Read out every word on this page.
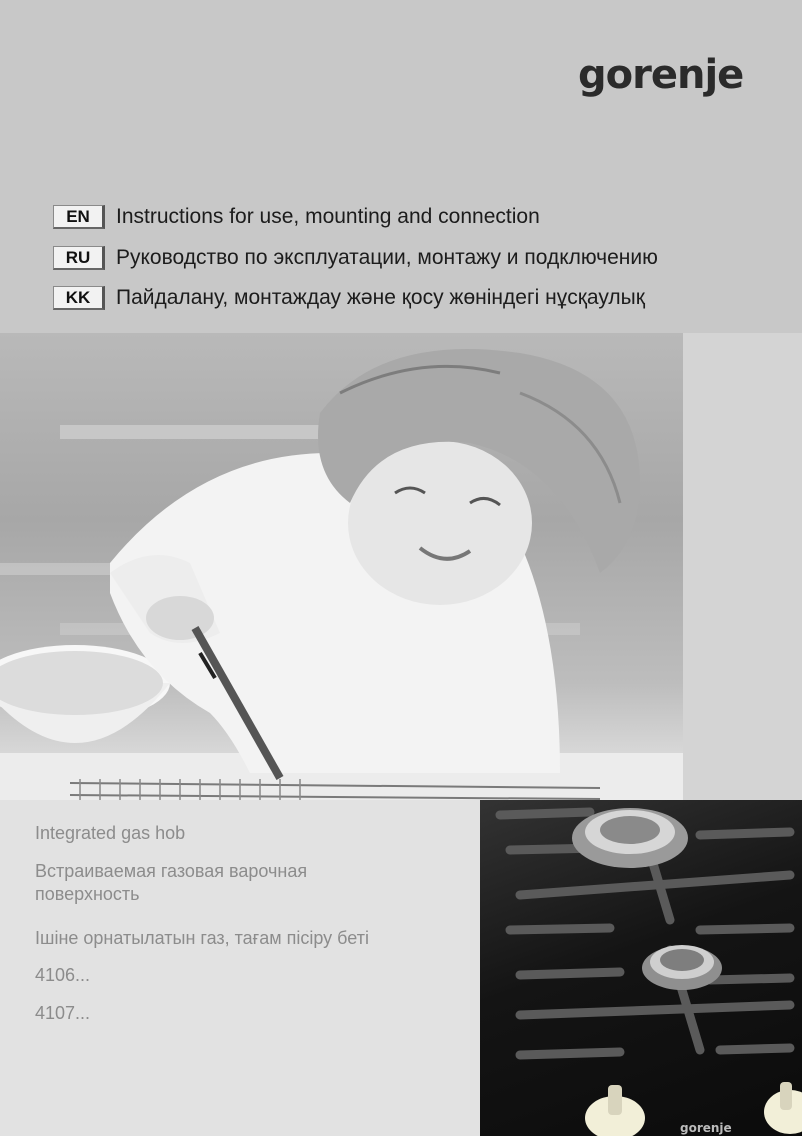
gorenje
EN	Instructions for use, mounting and connection
RU	Руководство по эксплуатации, монтажу и подключению
KK	Пайдалану, монтаждау және қосу жөніндегі нұсқаулық
Integrated gas hob
Встраиваемая газовая варочная поверхность
Ішіне орнатылатын газ, тағам пісіру беті
4106...
4107...
gorenje
